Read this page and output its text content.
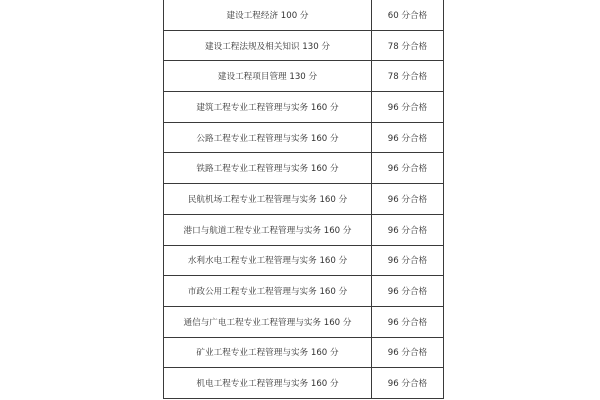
建设工程经济 100 分	60 分合格
建设工程法规及相关知识 130 分	78 分合格
建设工程项目管理 130 分	78 分合格
建筑工程专业工程管理与实务 160 分	96 分合格
公路工程专业工程管理与实务 160 分	96 分合格
铁路工程专业工程管理与实务 160 分	96 分合格
民航机场工程专业工程管理与实务 160 分	96 分合格
港口与航道工程专业工程管理与实务 160 分	96 分合格
水利水电工程专业工程管理与实务 160 分	96 分合格
市政公用工程专业工程管理与实务 160 分	96 分合格
通信与广电工程专业工程管理与实务 160 分	96 分合格
矿业工程专业工程管理与实务 160 分	96 分合格
机电工程专业工程管理与实务 160 分	96 分合格
